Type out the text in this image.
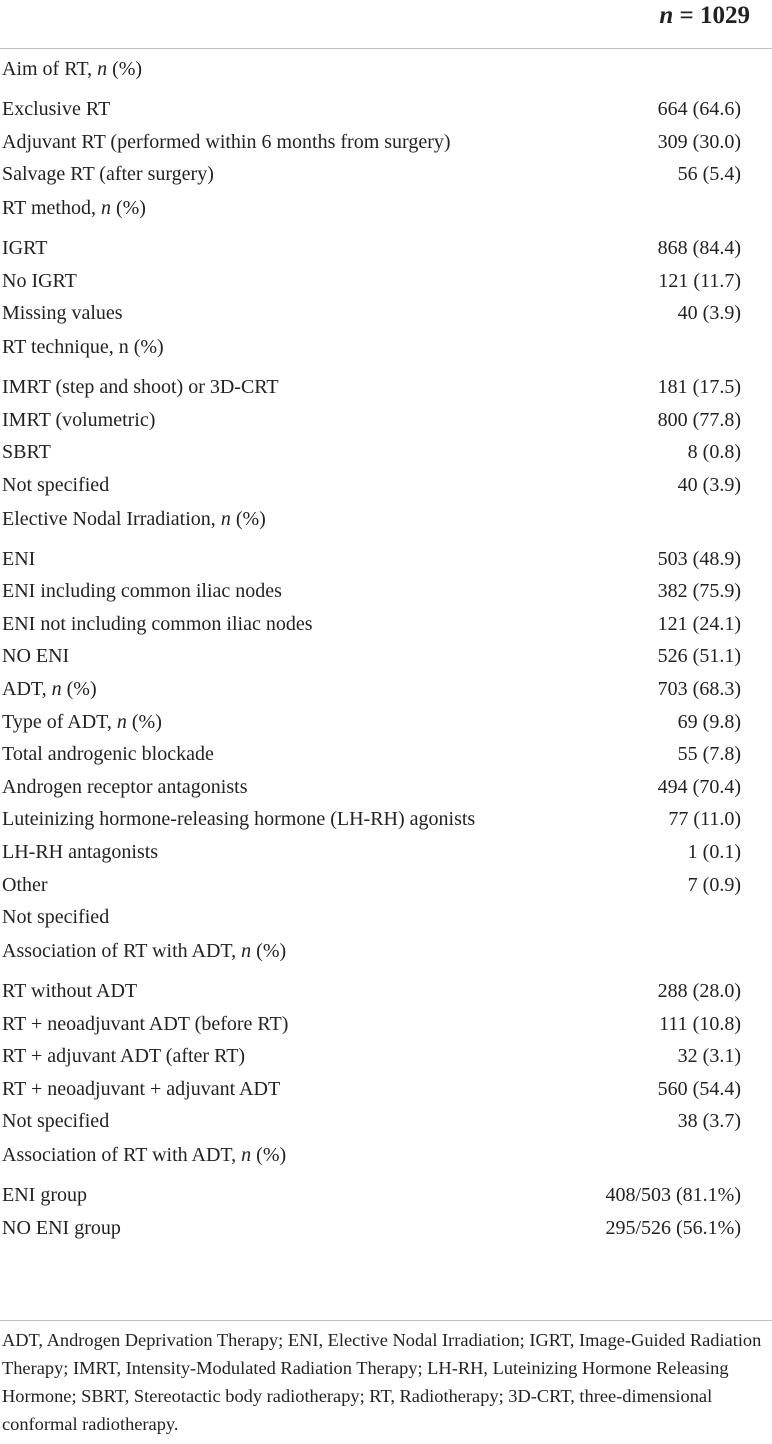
n = 1029
Aim of RT, n (%)
Exclusive RT	664 (64.6)
Adjuvant RT (performed within 6 months from surgery)	309 (30.0)
Salvage RT (after surgery)	56 (5.4)
RT method, n (%)
IGRT	868 (84.4)
No IGRT	121 (11.7)
Missing values	40 (3.9)
RT technique, n (%)
IMRT (step and shoot) or 3D-CRT	181 (17.5)
IMRT (volumetric)	800 (77.8)
SBRT	8 (0.8)
Not specified	40 (3.9)
Elective Nodal Irradiation, n (%)
ENI	503 (48.9)
ENI including common iliac nodes	382 (75.9)
ENI not including common iliac nodes	121 (24.1)
NO ENI	526 (51.1)
ADT, n (%)	703 (68.3)
Type of ADT, n (%)	69 (9.8)
Total androgenic blockade	55 (7.8)
Androgen receptor antagonists	494 (70.4)
Luteinizing hormone-releasing hormone (LH-RH) agonists	77 (11.0)
LH-RH antagonists	1 (0.1)
Other	7 (0.9)
Not specified
Association of RT with ADT, n (%)
RT without ADT	288 (28.0)
RT + neoadjuvant ADT (before RT)	111 (10.8)
RT + adjuvant ADT (after RT)	32 (3.1)
RT + neoadjuvant + adjuvant ADT	560 (54.4)
Not specified	38 (3.7)
Association of RT with ADT, n (%)
ENI group	408/503 (81.1%)
NO ENI group	295/526 (56.1%)
ADT, Androgen Deprivation Therapy; ENI, Elective Nodal Irradiation; IGRT, Image-Guided Radiation Therapy; IMRT, Intensity-Modulated Radiation Therapy; LH-RH, Luteinizing Hormone Releasing Hormone; SBRT, Stereotactic body radiotherapy; RT, Radiotherapy; 3D-CRT, three-dimensional conformal radiotherapy.
